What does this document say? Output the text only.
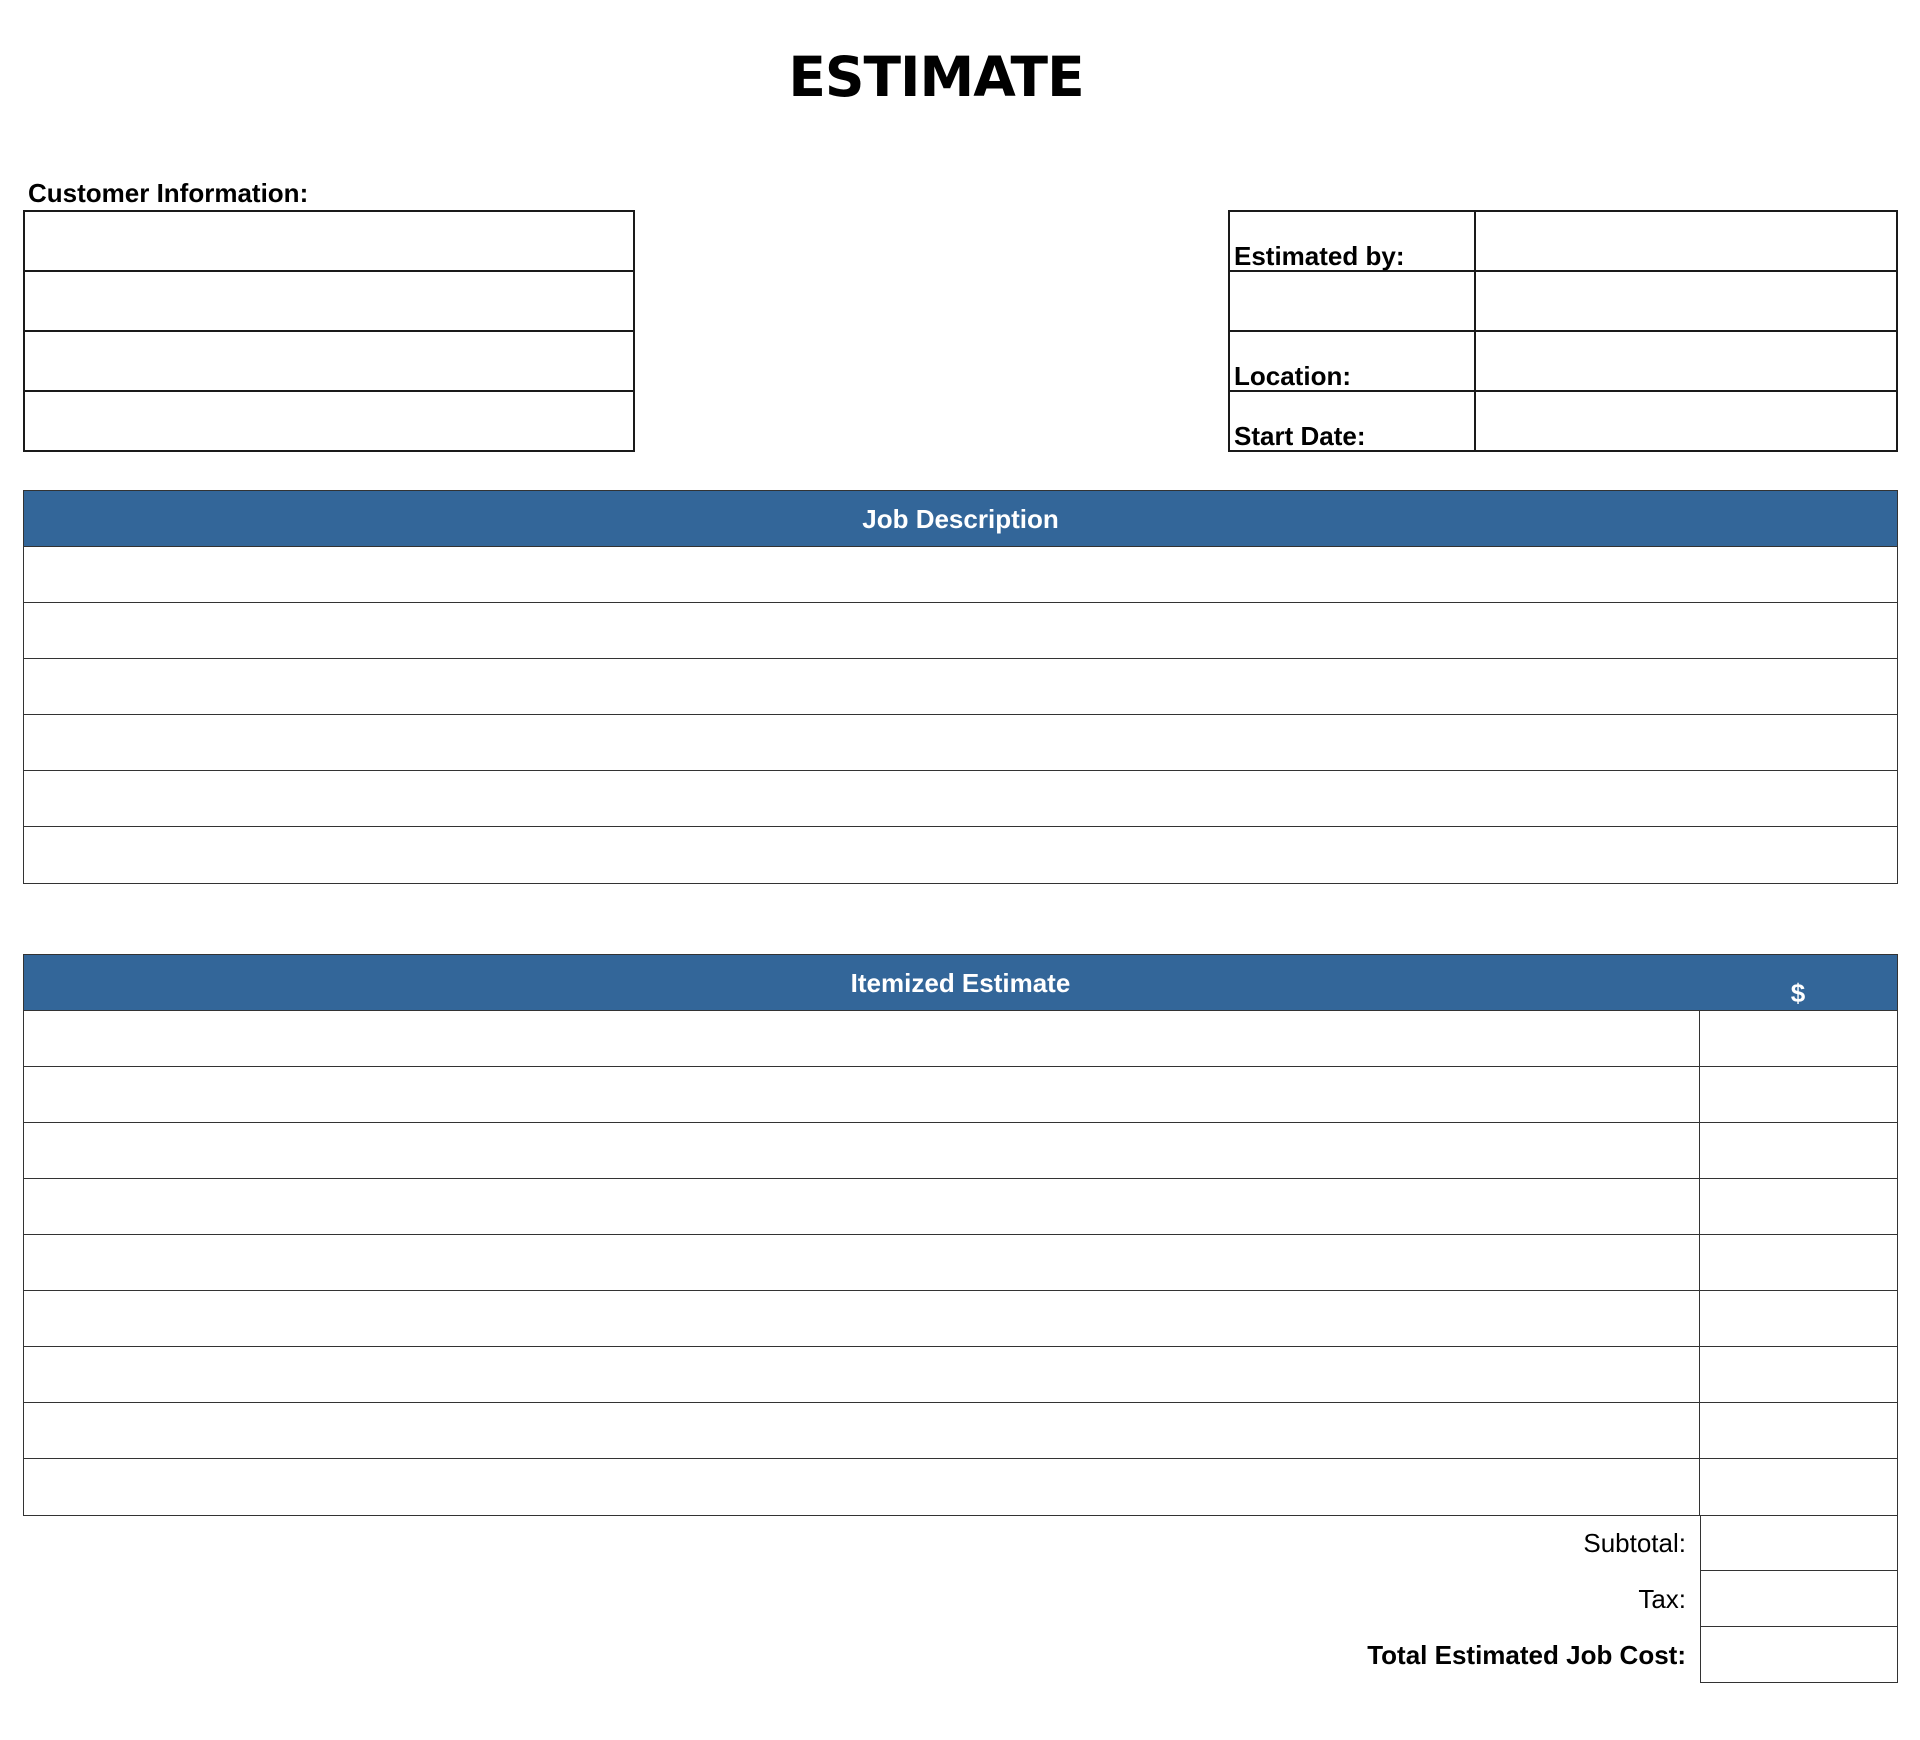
ESTIMATE
Customer Information:

Estimated by:	

Location:	
Start Date:	
Job Description
Itemized Estimate	$
Subtotal:
Tax:
Total Estimated Job Cost:
